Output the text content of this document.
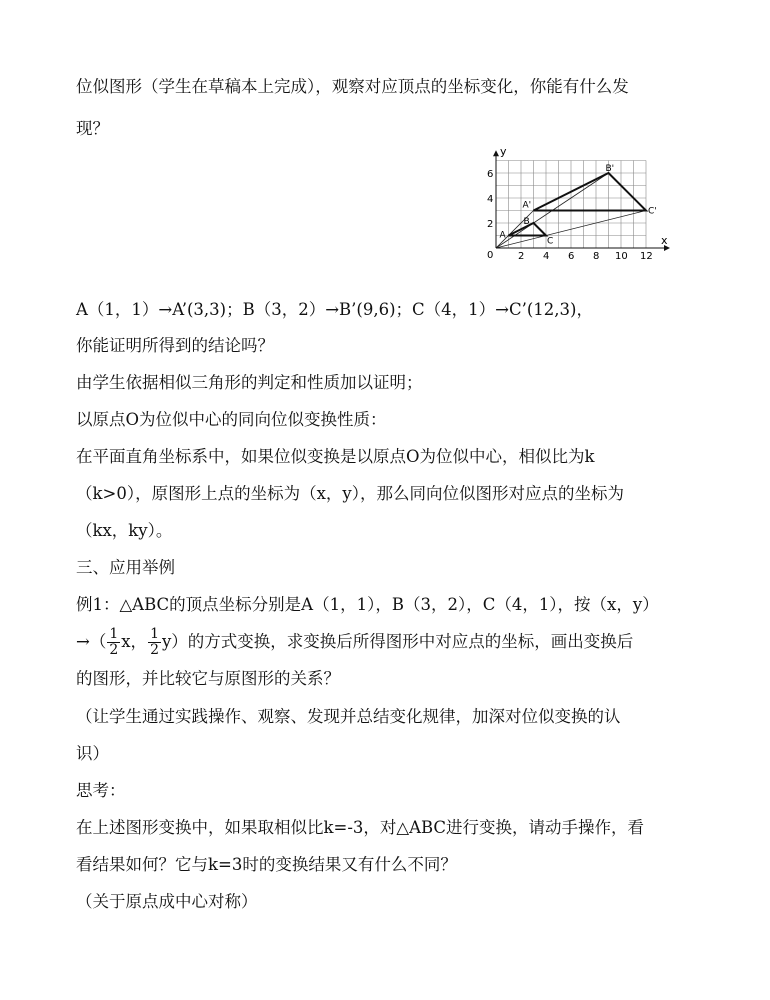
位似图形（学生在草稿本上完成），观察对应顶点的坐标变化，你能有什么发
现？
x
y
0 2 4 6 8 10 12
2
4
6
A
B
C
A'
B'
C'
A（1，1）→A’(3,3)；B（3，2）→B’(9,6)；C（4，1）→C’(12,3)，
你能证明所得到的结论吗？
由学生依据相似三角形的判定和性质加以证明；
以原点O为位似中心的同向位似变换性质：
在平面直角坐标系中，如果位似变换是以原点O为位似中心，相似比为k
（k>0），原图形上点的坐标为（x，y），那么同向位似图形对应点的坐标为
（kx，ky）。
三、应用举例
例1：△ABC的顶点坐标分别是A（1，1），B（3，2），C（4，1），按（x，y）
→（ $\frac{1}{2}$ x， $\frac{1}{2} y$）的方式变换，求变换后所得图形中对应点的坐标，画出变换后
的图形，并比较它与原图形的关系？
（让学生通过实践操作、观察、发现并总结变化规律，加深对位似变换的认
识）
思考：
在上述图形变换中，如果取相似比k=-3，对△ABC进行变换，请动手操作，看
看结果如何？它与k=3时的变换结果又有什么不同？
（关于原点成中心对称）
